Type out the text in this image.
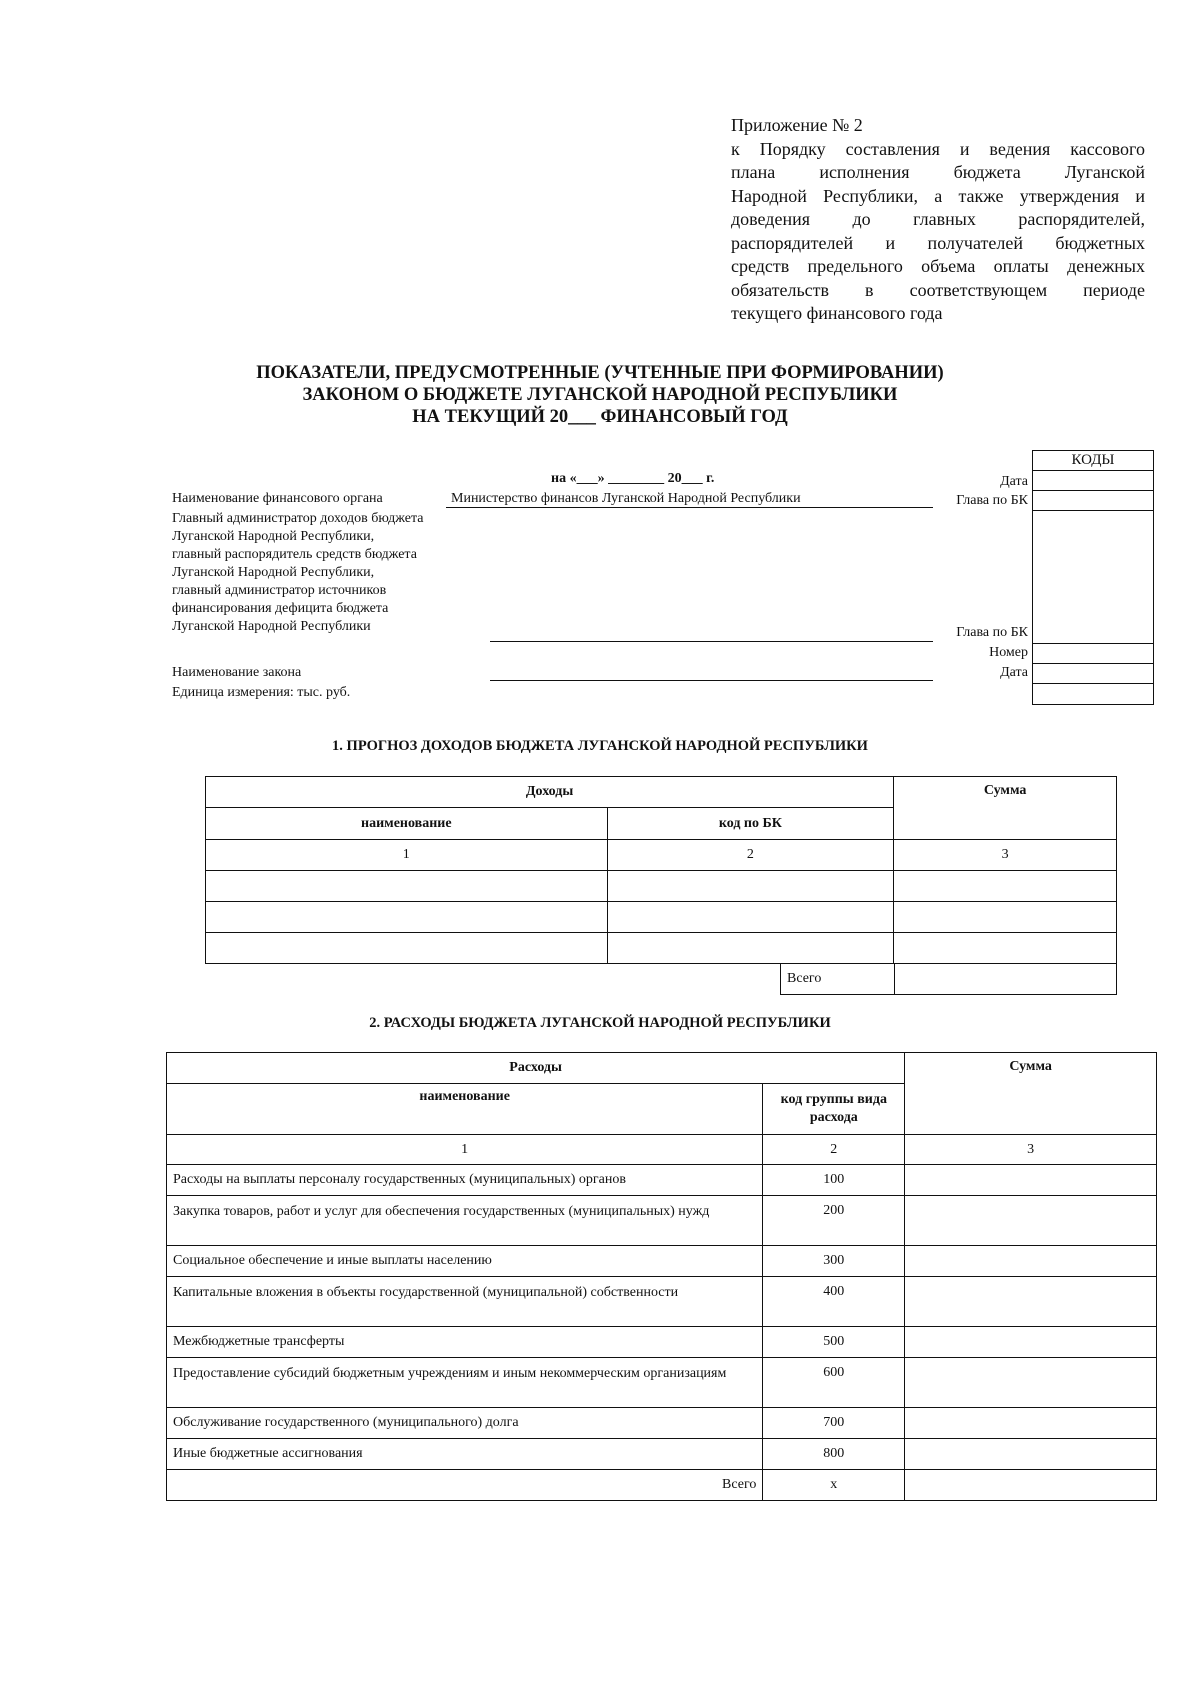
Приложение № 2
к Порядку составления и ведения кассового
плана исполнения бюджета Луганской
Народной Республики, а также утверждения и
доведения до главных распорядителей,
распорядителей и получателей бюджетных
средств предельного объема оплаты денежных
обязательств в соответствующем периоде
текущего финансового года
ПОКАЗАТЕЛИ, ПРЕДУСМОТРЕННЫЕ (УЧТЕННЫЕ ПРИ ФОРМИРОВАНИИ)
ЗАКОНОМ О БЮДЖЕТЕ ЛУГАНСКОЙ НАРОДНОЙ РЕСПУБЛИКИ
НА ТЕКУЩИЙ 20___ ФИНАНСОВЫЙ ГОД
КОДЫ
на «___» ________ 20___ г.
Наименование финансового органа	Министерство финансов Луганской Народной Республики
Главный администратор доходов бюджета
Луганской Народной Республики,
главный распорядитель средств бюджета
Луганской Народной Республики,
главный администратор источников
финансирования дефицита бюджета
Луганской Народной Республики
Наименование закона
Единица измерения: тыс. руб.
Дата
Глава по БК
Глава по БК
Номер
Дата
1. ПРОГНОЗ ДОХОДОВ БЮДЖЕТА ЛУГАНСКОЙ НАРОДНОЙ РЕСПУБЛИКИ
Доходы		Сумма
наименование	код по БК	
1	2	3

Всего	
2. РАСХОДЫ БЮДЖЕТА ЛУГАНСКОЙ НАРОДНОЙ РЕСПУБЛИКИ
Расходы		Сумма
наименование	код группы вида расхода	
1	2	3
Расходы на выплаты персоналу государственных (муниципальных) органов	100	
Закупка товаров, работ и услуг для обеспечения государственных (муниципальных) нужд	200	
Социальное обеспечение и иные выплаты населению	300	
Капитальные вложения в объекты государственной (муниципальной) собственности	400	
Межбюджетные трансферты	500	
Предоставление субсидий бюджетным учреждениям и иным некоммерческим организациям	600	
Обслуживание государственного (муниципального) долга	700	
Иные бюджетные ассигнования	800	
Всего	х	
